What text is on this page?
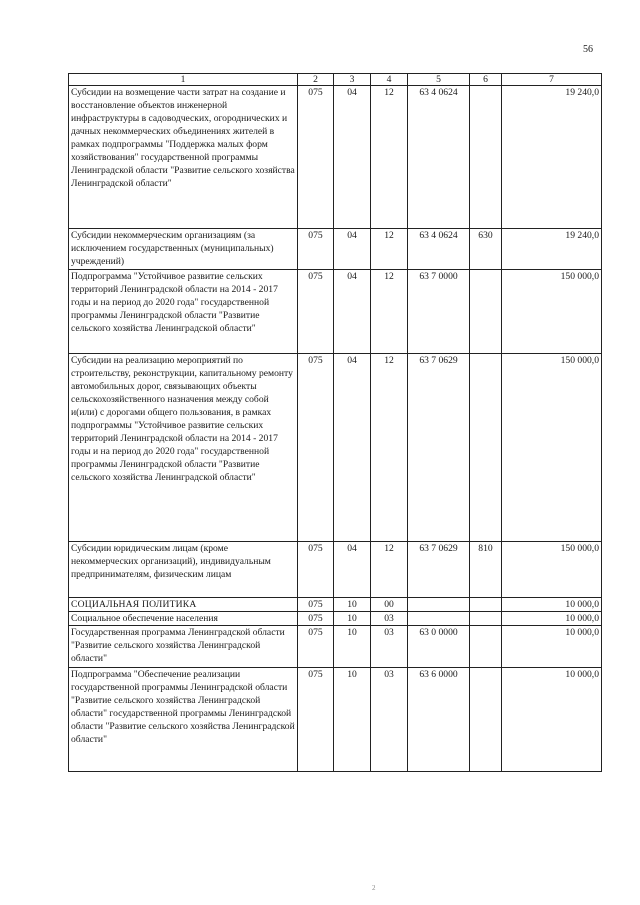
56
1	2	3	4	5	6	7
Субсидии на возмещение части затрат на создание и восстановление объектов инженерной инфраструктуры в садоводческих, огороднических и дачных некоммерческих объединениях жителей в рамках подпрограммы "Поддержка малых форм хозяйствования" государственной программы Ленинградской области "Развитие сельского хозяйства Ленинградской области"	075	04	12	63 4 0624		19 240,0
Субсидии некоммерческим организациям (за исключением государственных (муниципальных) учреждений)	075	04	12	63 4 0624	630	19 240,0
Подпрограмма "Устойчивое развитие сельских территорий Ленинградской области на 2014 - 2017 годы и на период до 2020 года" государственной программы Ленинградской области "Развитие сельского хозяйства Ленинградской области"	075	04	12	63 7 0000		150 000,0
Субсидии на реализацию мероприятий по строительству, реконструкции, капитальному ремонту автомобильных дорог, связывающих объекты сельскохозяйственного назначения между собой и(или) с дорогами общего пользования, в рамках подпрограммы "Устойчивое развитие сельских территорий Ленинградской области на 2014 - 2017 годы и на период до 2020 года" государственной программы Ленинградской области "Развитие сельского хозяйства Ленинградской области"	075	04	12	63 7 0629		150 000,0
Субсидии юридическим лицам (кроме некоммерческих организаций), индивидуальным предпринимателям, физическим лицам	075	04	12	63 7 0629	810	150 000,0
СОЦИАЛЬНАЯ ПОЛИТИКА	075	10	00			10 000,0
Социальное обеспечение населения	075	10	03			10 000,0
Государственная программа Ленинградской области "Развитие сельского хозяйства Ленинградской области"	075	10	03	63 0 0000		10 000,0
Подпрограмма "Обеспечение реализации государственной программы Ленинградской области "Развитие сельского хозяйства Ленинградской области" государственной программы Ленинградской области "Развитие сельского хозяйства Ленинградской области"	075	10	03	63 6 0000		10 000,0
2
